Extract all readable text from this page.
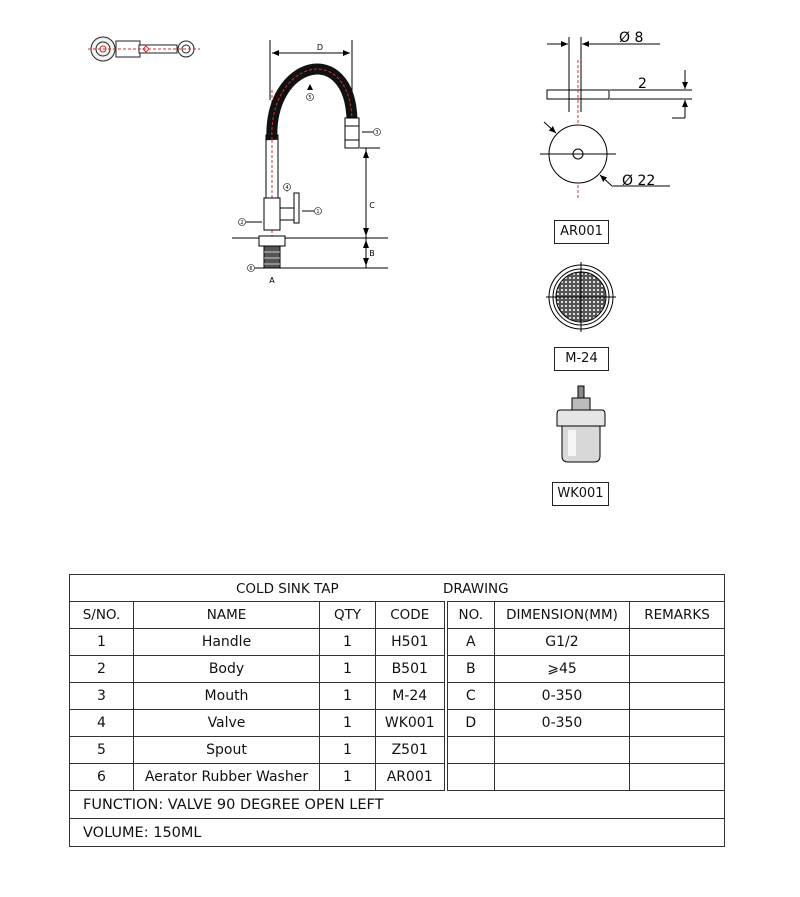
1
2
3
4
5
6
D
C
B
A
Ø 8
2
Ø 22
AR001
M-24
WK001
COLD SINK TAP DRAWING						

S/NO.	NAME	QTY	CODE	NO.	DIMENSION(MM)	REMARKS
1	Handle	1	H501	A	G1/2	
2	Body	1	B501	B	⩾45	
3	Mouth	1	M-24	C	0-350	
4	Valve	1	WK001	D	0-350	
5	Spout	1	Z501			
6	Aerator Rubber Washer	1	AR001			
FUNCTION: VALVE 90 DEGREE OPEN LEFT						
VOLUME: 150ML						
